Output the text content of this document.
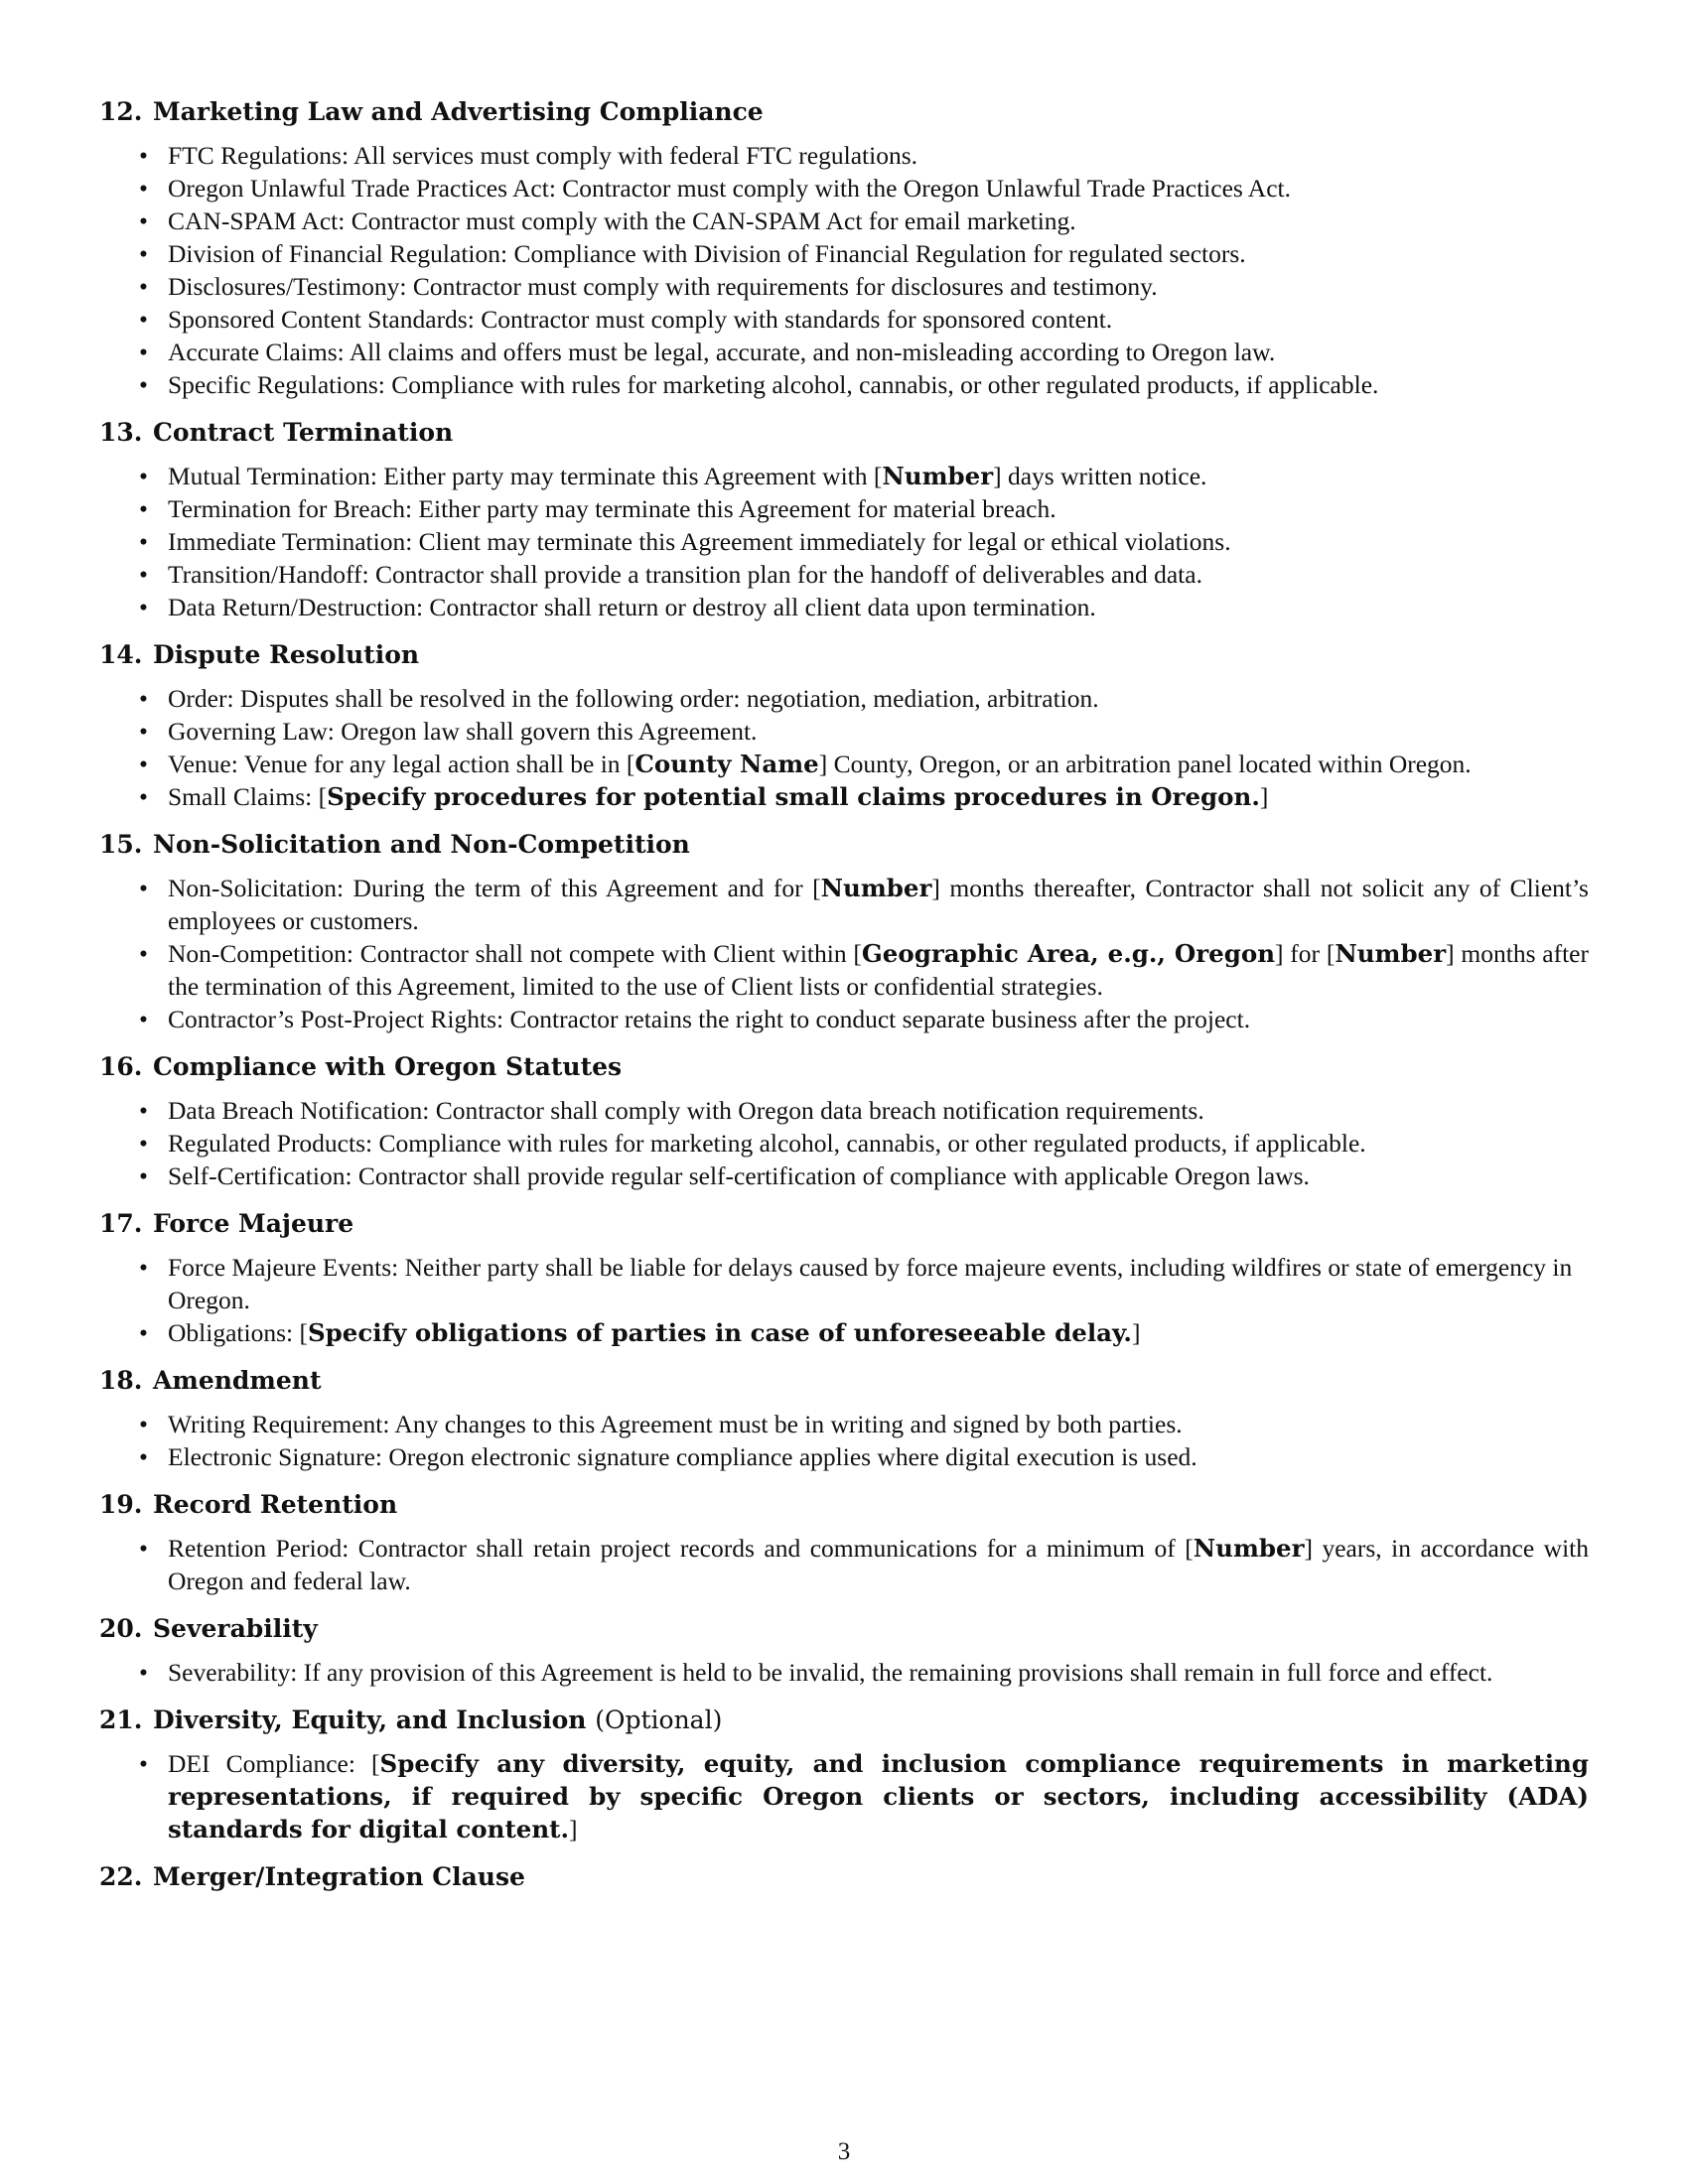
12. Marketing Law and Advertising Compliance
• FTC Regulations: All services must comply with federal FTC regulations.
• Oregon Unlawful Trade Practices Act: Contractor must comply with the Oregon Unlawful Trade Practices Act.
• CAN-SPAM Act: Contractor must comply with the CAN-SPAM Act for email marketing.
• Division of Financial Regulation: Compliance with Division of Financial Regulation for regulated sectors.
• Disclosures/Testimony: Contractor must comply with requirements for disclosures and testimony.
• Sponsored Content Standards: Contractor must comply with standards for sponsored content.
• Accurate Claims: All claims and offers must be legal, accurate, and non-misleading according to Oregon law.
• Specific Regulations: Compliance with rules for marketing alcohol, cannabis, or other regulated products, if applicable.
13. Contract Termination
• Mutual Termination: Either party may terminate this Agreement with [Number] days written notice.
• Termination for Breach: Either party may terminate this Agreement for material breach.
• Immediate Termination: Client may terminate this Agreement immediately for legal or ethical violations.
• Transition/Handoff: Contractor shall provide a transition plan for the handoff of deliverables and data.
• Data Return/Destruction: Contractor shall return or destroy all client data upon termination.
14. Dispute Resolution
• Order: Disputes shall be resolved in the following order: negotiation, mediation, arbitration.
• Governing Law: Oregon law shall govern this Agreement.
• Venue: Venue for any legal action shall be in [County Name] County, Oregon, or an arbitration panel located within Oregon.
• Small Claims: [Specify procedures for potential small claims procedures in Oregon.]
15. Non-Solicitation and Non-Competition
• Non-Solicitation: During the term of this Agreement and for [Number] months thereafter, Contractor shall not solicit any of Client’s employees or customers.
• Non-Competition: Contractor shall not compete with Client within [Geographic Area, e.g., Oregon] for [Number] months after the termination of this Agreement, limited to the use of Client lists or confidential strategies.
• Contractor’s Post-Project Rights: Contractor retains the right to conduct separate business after the project.
16. Compliance with Oregon Statutes
• Data Breach Notification: Contractor shall comply with Oregon data breach notification requirements.
• Regulated Products: Compliance with rules for marketing alcohol, cannabis, or other regulated products, if applicable.
• Self-Certification: Contractor shall provide regular self-certification of compliance with applicable Oregon laws.
17. Force Majeure
• Force Majeure Events: Neither party shall be liable for delays caused by force majeure events, including wildfires or state of emergency in Oregon.
• Obligations: [Specify obligations of parties in case of unforeseeable delay.]
18. Amendment
• Writing Requirement: Any changes to this Agreement must be in writing and signed by both parties.
• Electronic Signature: Oregon electronic signature compliance applies where digital execution is used.
19. Record Retention
• Retention Period: Contractor shall retain project records and communications for a minimum of [Number] years, in accordance with Oregon and federal law.
20. Severability
• Severability: If any provision of this Agreement is held to be invalid, the remaining provisions shall remain in full force and effect.
21. Diversity, Equity, and Inclusion (Optional)
• DEI Compliance: [Specify any diversity, equity, and inclusion compliance requirements in marketing representations, if required by specific Oregon clients or sectors, including accessibility (ADA) standards for digital content.]
22. Merger/Integration Clause
3
